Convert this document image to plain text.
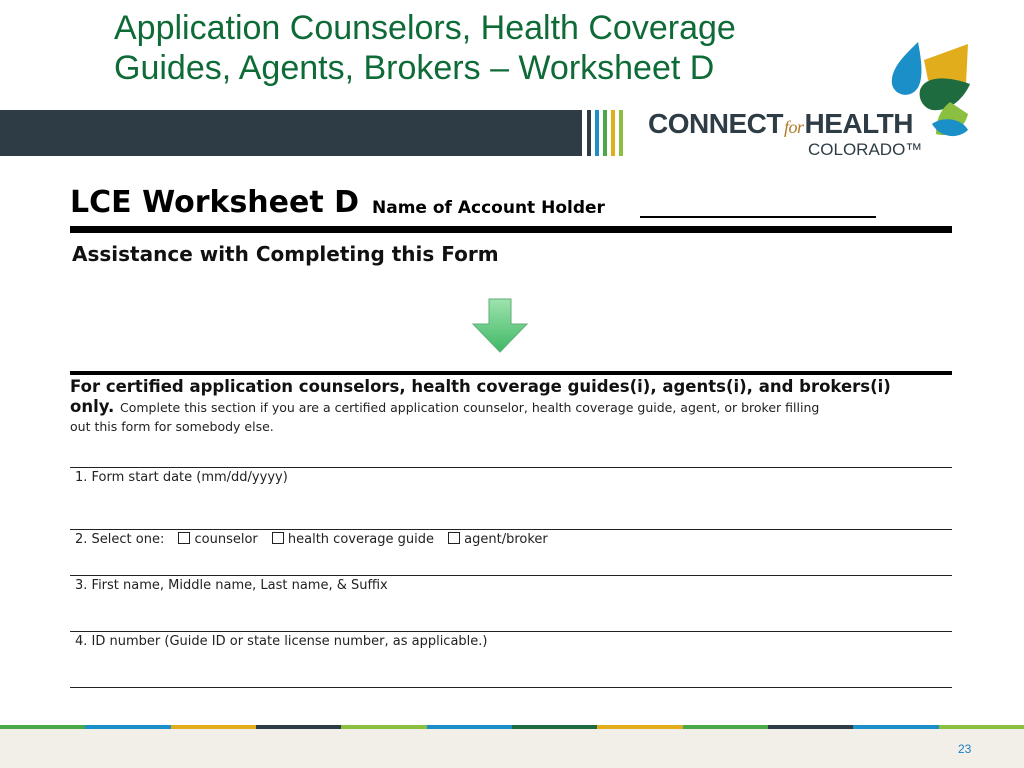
Application Counselors, Health Coverage
Guides, Agents, Brokers – Worksheet D
CONNECTforHEALTH
COLORADO™
LCE Worksheet D Name of Account Holder
Assistance with Completing this Form
For certified application counselors, health coverage guides(i), agents(i), and brokers(i)
only. Complete this section if you are a certified application counselor, health coverage guide, agent, or broker filling
out this form for somebody else.
1. Form start date (mm/dd/yyyy)
2. Select one: counselor health coverage guide agent/broker
3. First name, Middle name, Last name, & Suffix
4. ID number (Guide ID or state license number, as applicable.)
23
